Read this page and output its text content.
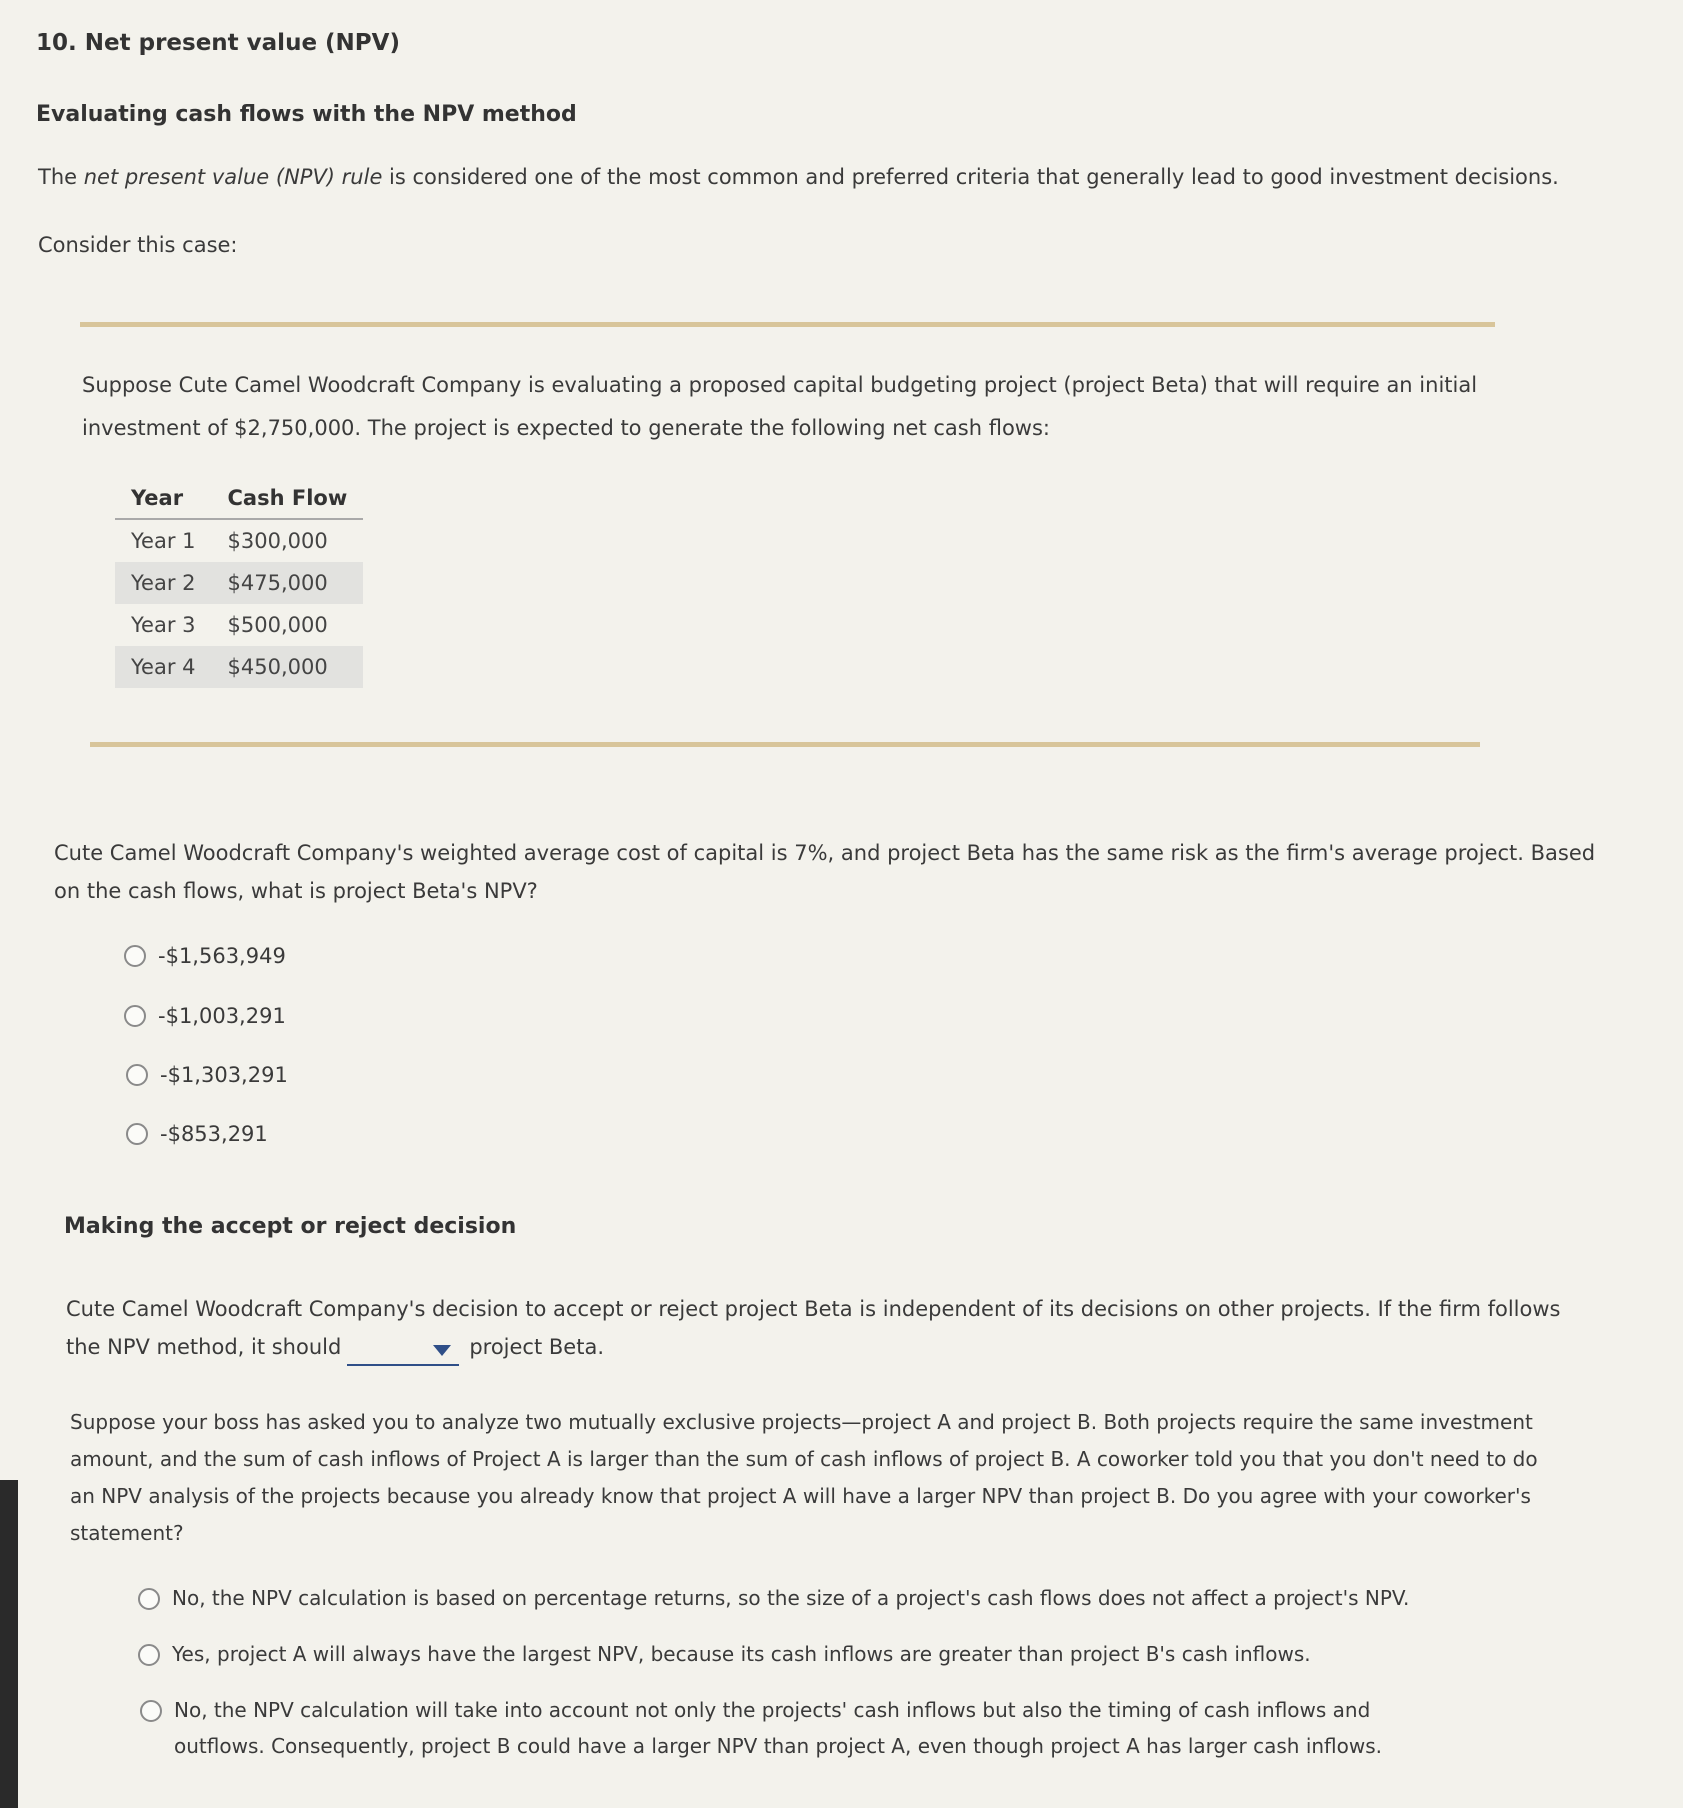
10. Net present value (NPV)
Evaluating cash flows with the NPV method

The net present value (NPV) rule is considered one of the most common and preferred criteria that generally lead to good investment decisions.

Consider this case:

Suppose Cute Camel Woodcraft Company is evaluating a proposed capital budgeting project (project Beta) that will require an initial investment of $2,750,000. The project is expected to generate the following net cash flows:

Year	Cash Flow
Year 1	$300,000
Year 2	$475,000
Year 3	$500,000
Year 4	$450,000

Cute Camel Woodcraft Company's weighted average cost of capital is 7%, and project Beta has the same risk as the firm's average project. Based on the cash flows, what is project Beta's NPV?

-$1,563,949
-$1,003,291
-$1,303,291
-$853,291
Making the accept or reject decision

Cute Camel Woodcraft Company's decision to accept or reject project Beta is independent of its decisions on other projects. If the firm follows the NPV method, it should	project Beta.

Suppose your boss has asked you to analyze two mutually exclusive projects—project A and project B. Both projects require the same investment amount, and the sum of cash inflows of Project A is larger than the sum of cash inflows of project B. A coworker told you that you don't need to do an NPV analysis of the projects because you already know that project A will have a larger NPV than project B. Do you agree with your coworker's statement?

No, the NPV calculation is based on percentage returns, so the size of a project's cash flows does not affect a project's NPV.
Yes, project A will always have the largest NPV, because its cash inflows are greater than project B's cash inflows.
No, the NPV calculation will take into account not only the projects' cash inflows but also the timing of cash inflows and outflows. Consequently, project B could have a larger NPV than project A, even though project A has larger cash inflows.
